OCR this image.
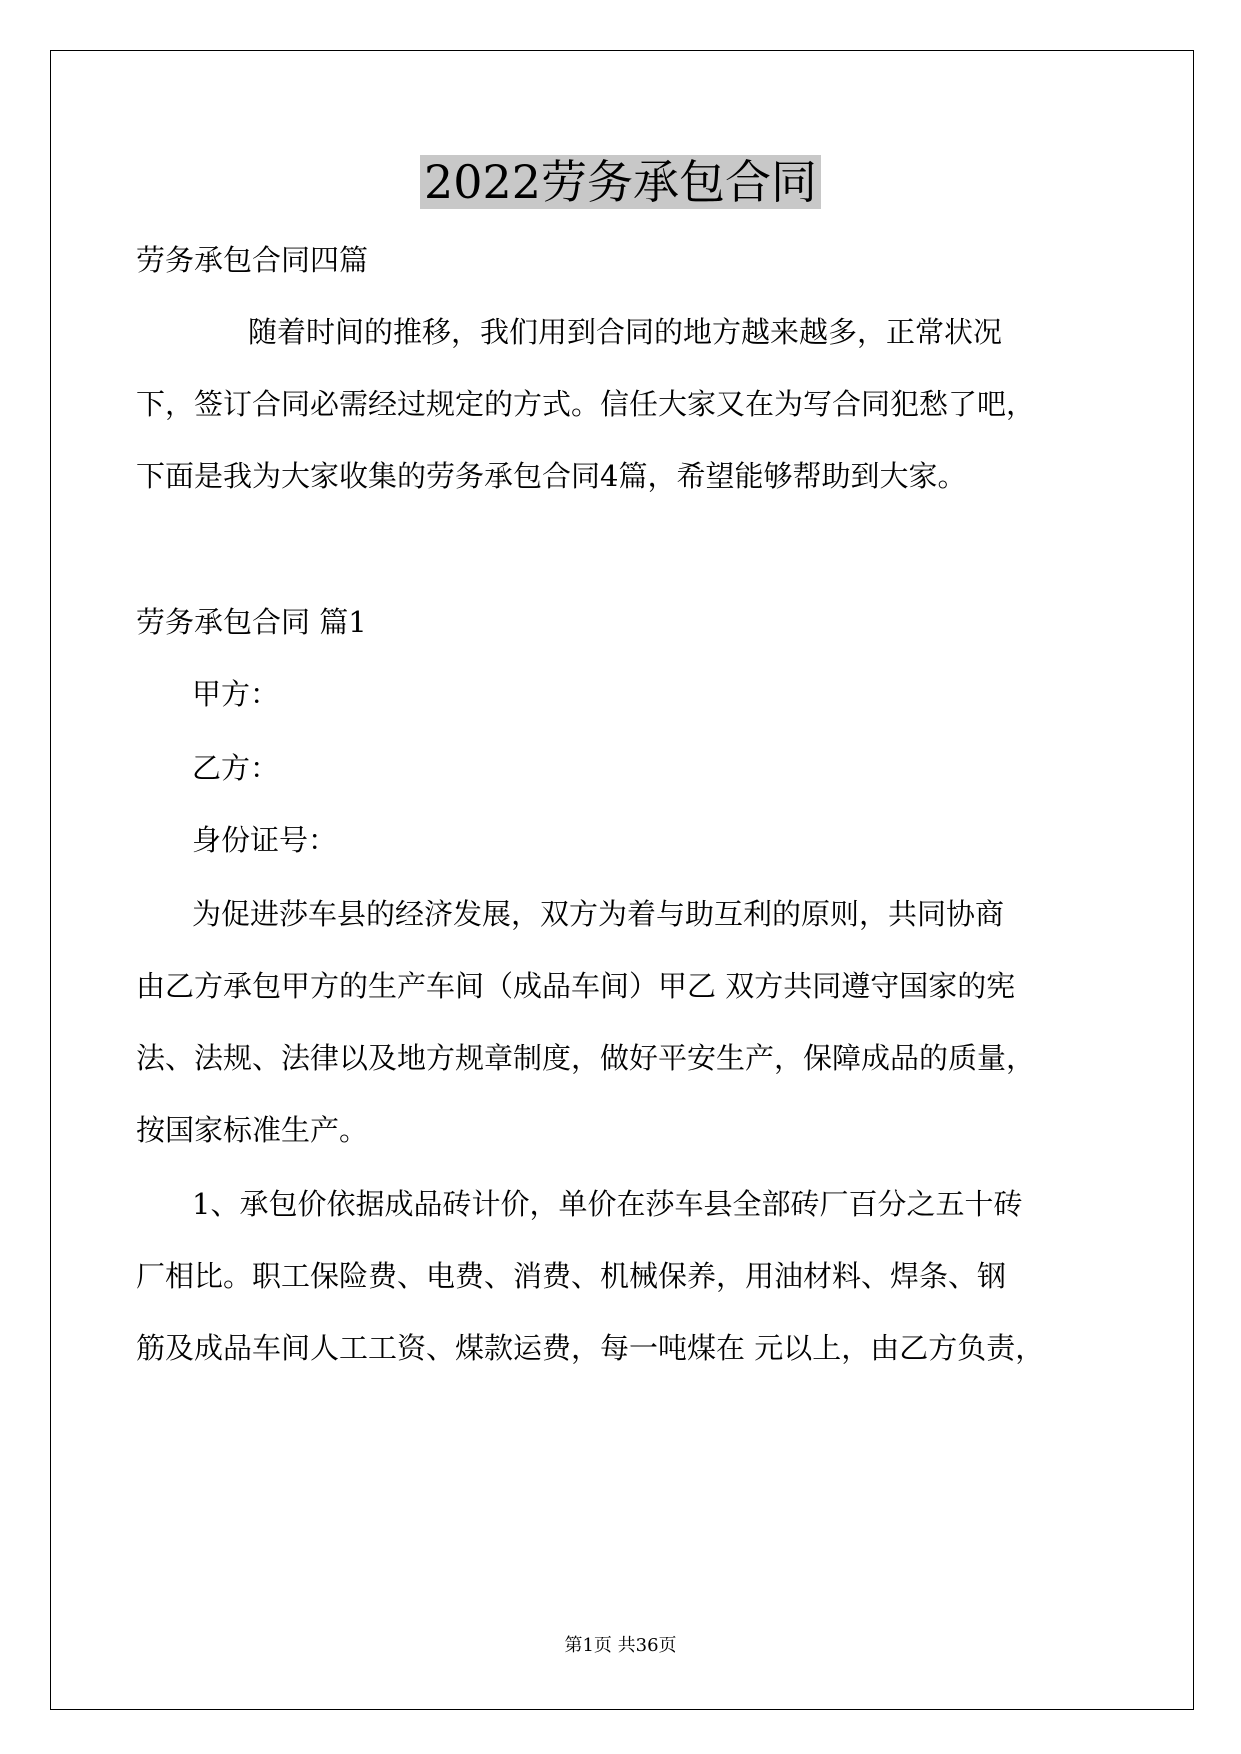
2022劳务承包合同

劳务承包合同四篇

随着时间的推移，我们用到合同的地方越来越多，正常状况

下，签订合同必需经过规定的方式。信任大家又在为写合同犯愁了吧，

下面是我为大家收集的劳务承包合同4篇，希望能够帮助到大家。

劳务承包合同 篇1

甲方：

乙方：

身份证号：

为促进莎车县的经济发展，双方为着与助互利的原则，共同协商

由乙方承包甲方的生产车间（成品车间）甲乙 双方共同遵守国家的宪

法、法规、法律以及地方规章制度，做好平安生产，保障成品的质量，

按国家标准生产。

1、承包价依据成品砖计价，单价在莎车县全部砖厂百分之五十砖

厂相比。职工保险费、电费、消费、机械保养，用油材料、焊条、钢

筋及成品车间人工工资、煤款运费，每一吨煤在 元以上，由乙方负责，

第1页 共36页
